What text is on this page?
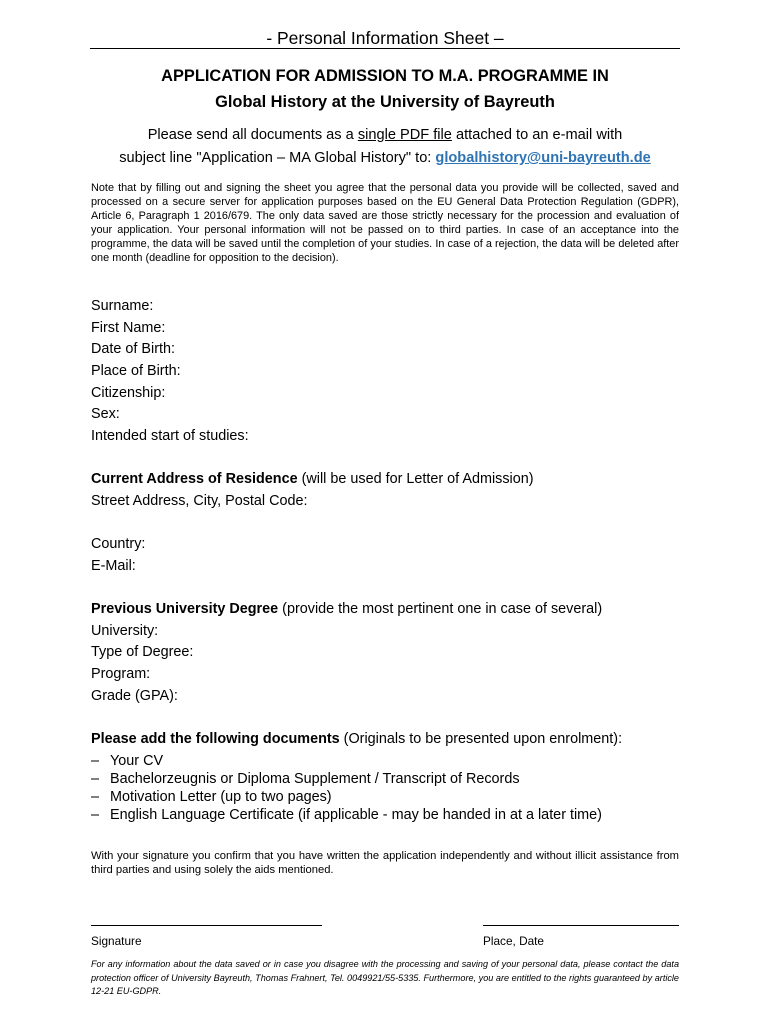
- Personal Information Sheet –
APPLICATION FOR ADMISSION TO M.A. PROGRAMME IN
Global History at the University of Bayreuth
Please send all documents as a single PDF file attached to an e-mail with
subject line "Application – MA Global History" to: globalhistory@uni-bayreuth.de
Note that by filling out and signing the sheet you agree that the personal data you provide will be collected, saved and processed on a secure server for application purposes based on the EU General Data Protection Regulation (GDPR), Article 6, Paragraph 1 2016/679. The only data saved are those strictly necessary for the procession and evaluation of your application. Your personal information will not be passed on to third parties. In case of an acceptance into the programme, the data will be saved until the completion of your studies. In case of a rejection, the data will be deleted after one month (deadline for opposition to the decision).
Surname:
First Name:
Date of Birth:
Place of Birth:
Citizenship:
Sex:
Intended start of studies:
Current Address of Residence (will be used for Letter of Admission)
Street Address, City, Postal Code:
Country:
E-Mail:
Previous University Degree (provide the most pertinent one in case of several)
University:
Type of Degree:
Program:
Grade (GPA):
Please add the following documents (Originals to be presented upon enrolment):
– Your CV
– Bachelorzeugnis or Diploma Supplement / Transcript of Records
– Motivation Letter (up to two pages)
– English Language Certificate (if applicable - may be handed in at a later time)
With your signature you confirm that you have written the application independently and without illicit assistance from third parties and using solely the aids mentioned.
Signature	Place, Date
For any information about the data saved or in case you disagree with the processing and saving of your personal data, please contact the data protection officer of University Bayreuth, Thomas Frahnert, Tel. 0049921/55-5335. Furthermore, you are entitled to the rights guaranteed by article 12-21 EU-GDPR.
